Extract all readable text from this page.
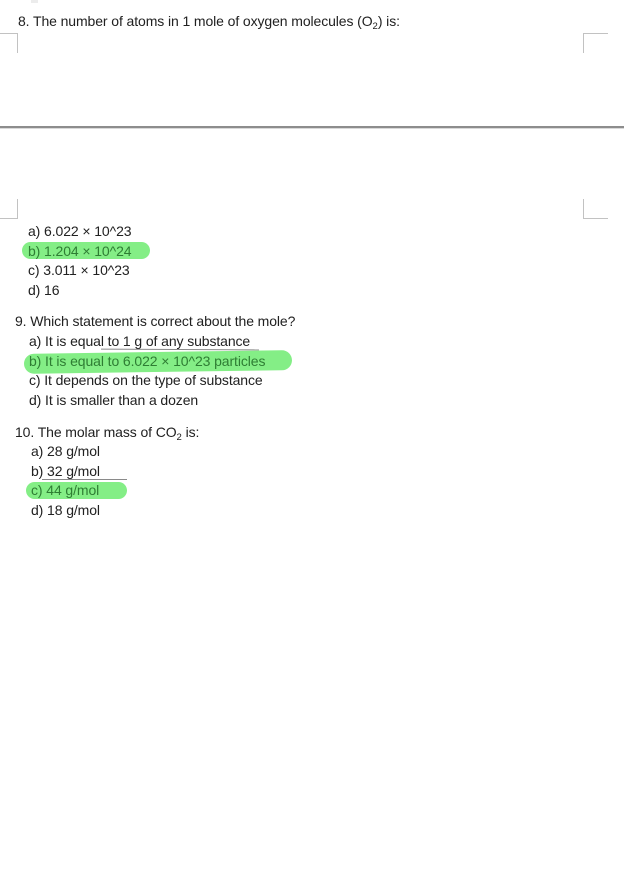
8. The number of atoms in 1 mole of oxygen molecules $(O_2)$ is:
a) 6.022 × 10^23
b) 1.204 × 10^24
c) 3.011 × 10^23
d) 16
9. Which statement is correct about the mole?
a) It is equal to 1 g of any substance
b) It is equal to 6.022 × 10^23 particles
c) It depends on the type of substance
d) It is smaller than a dozen
10. The molar mass of $CO_2$ is:
a) 28 g/mol
b) 32 g/mol
c) 44 g/mol
d) 18 g/mol
